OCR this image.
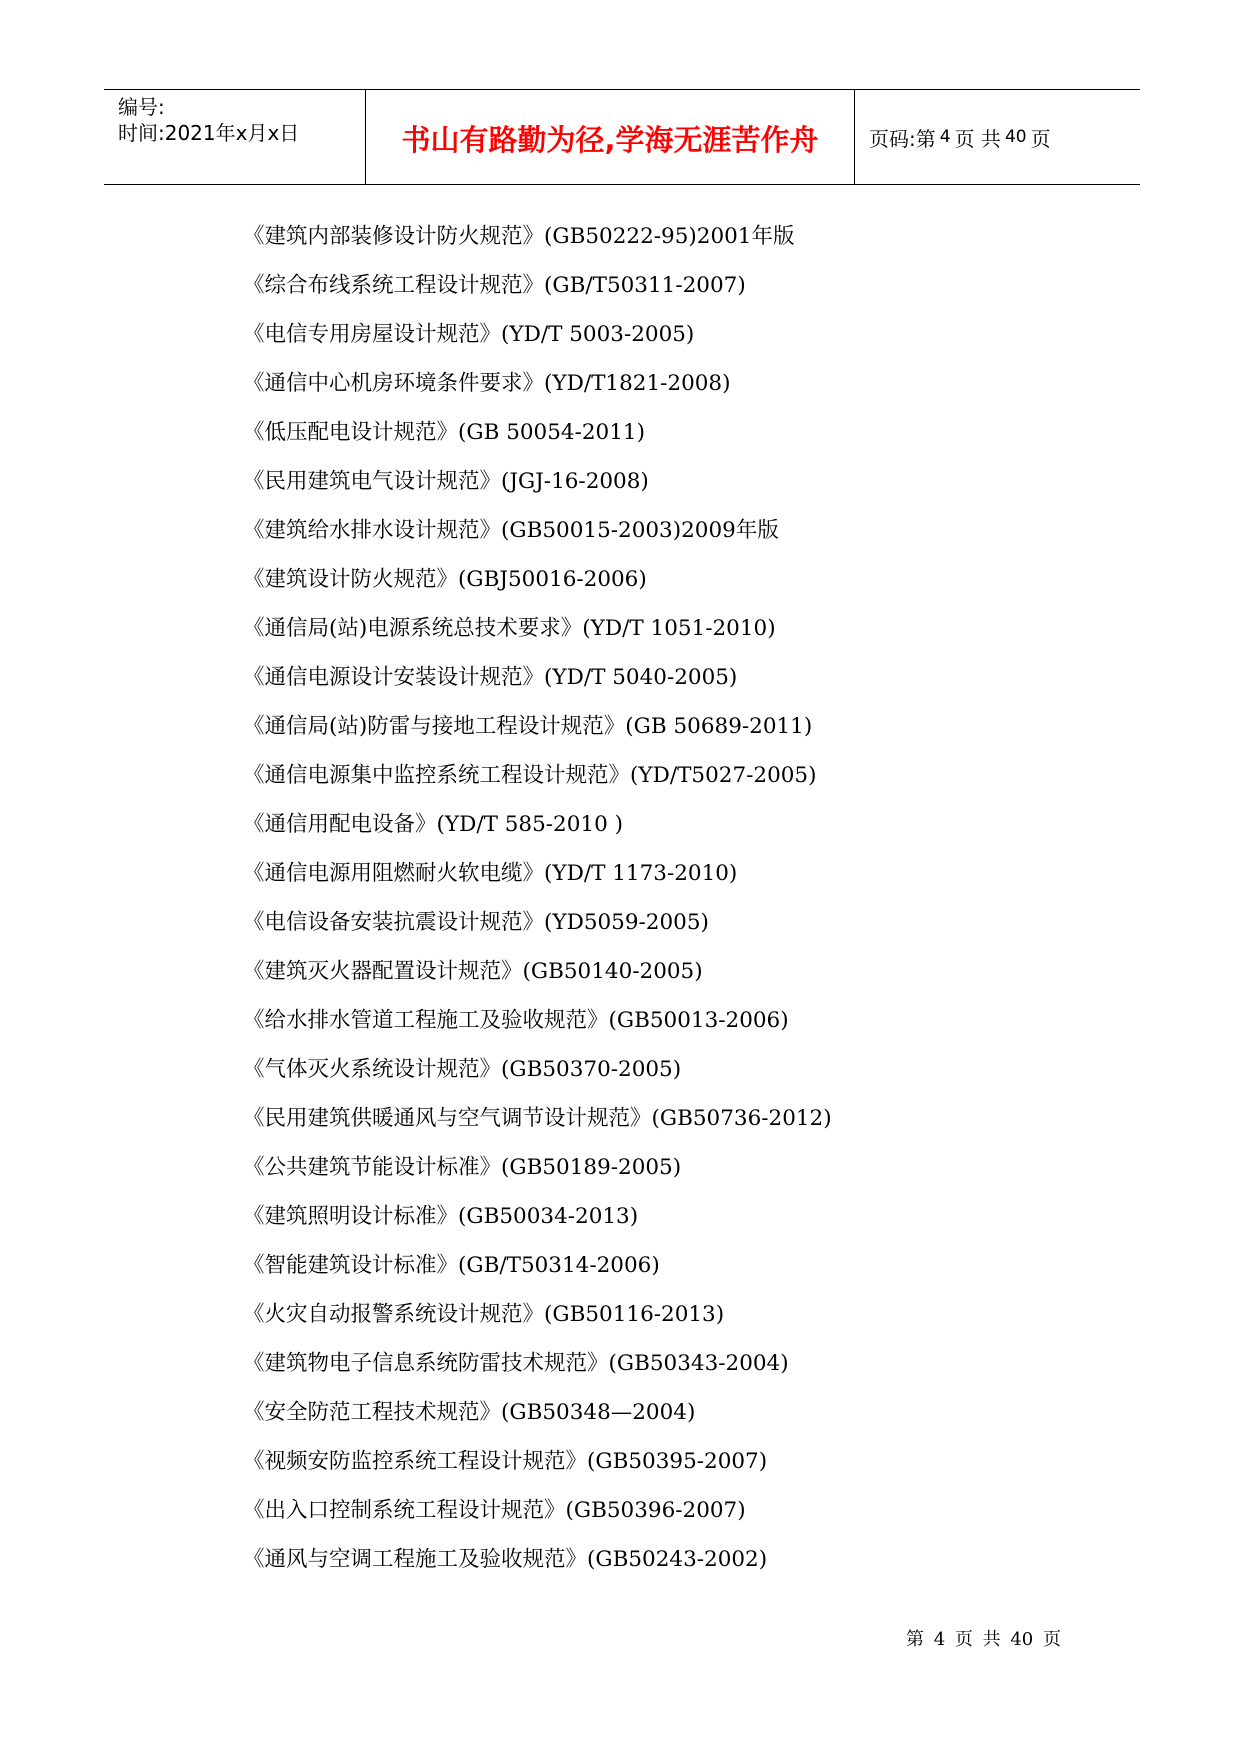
编号:
时间:2021年x月x日	书山有路勤为径,学海无涯苦作舟	页码:第 4 页 共 40 页
《建筑内部装修设计防火规范》(GB50222-95)2001年版
《综合布线系统工程设计规范》(GB/T50311-2007)
《电信专用房屋设计规范》(YD/T 5003-2005)
《通信中心机房环境条件要求》(YD/T1821-2008)
《低压配电设计规范》(GB 50054-2011)
《民用建筑电气设计规范》(JGJ-16-2008)
《建筑给水排水设计规范》(GB50015-2003)2009年版
《建筑设计防火规范》(GBJ50016-2006)
《通信局(站)电源系统总技术要求》(YD/T 1051-2010)
《通信电源设计安装设计规范》(YD/T 5040-2005)
《通信局(站)防雷与接地工程设计规范》(GB 50689-2011)
《通信电源集中监控系统工程设计规范》(YD/T5027-2005)
《通信用配电设备》(YD/T 585-2010 )
《通信电源用阻燃耐火软电缆》(YD/T 1173-2010)
《电信设备安装抗震设计规范》(YD5059-2005)
《建筑灭火器配置设计规范》(GB50140-2005)
《给水排水管道工程施工及验收规范》(GB50013-2006)
《气体灭火系统设计规范》(GB50370-2005)
《民用建筑供暖通风与空气调节设计规范》(GB50736-2012)
《公共建筑节能设计标准》(GB50189-2005)
《建筑照明设计标准》(GB50034-2013)
《智能建筑设计标准》(GB/T50314-2006)
《火灾自动报警系统设计规范》(GB50116-2013)
《建筑物电子信息系统防雷技术规范》(GB50343-2004)
《安全防范工程技术规范》(GB50348—2004)
《视频安防监控系统工程设计规范》(GB50395-2007)
《出入口控制系统工程设计规范》(GB50396-2007)
《通风与空调工程施工及验收规范》(GB50243-2002)
第 4 页 共 40 页
